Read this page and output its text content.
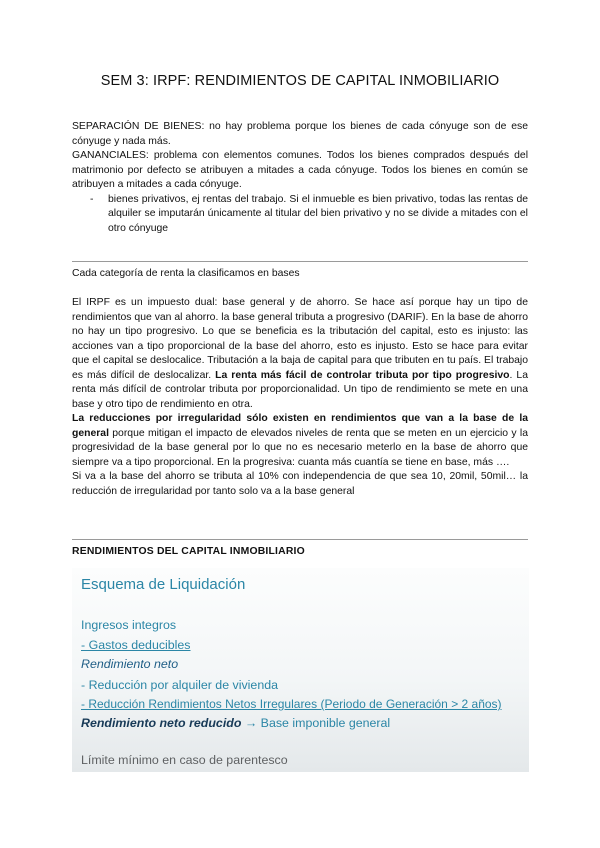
SEM 3: IRPF: RENDIMIENTOS DE CAPITAL INMOBILIARIO

SEPARACIÓN DE BIENES: no hay problema porque los bienes de cada cónyuge son de ese cónyuge y nada más.

GANANCIALES: problema con elementos comunes. Todos los bienes comprados después del matrimonio por defecto se atribuyen a mitades a cada cónyuge. Todos los bienes en común se atribuyen a mitades a cada cónyuge.

- bienes privativos, ej rentas del trabajo. Si el inmueble es bien privativo, todas las rentas de alquiler se imputarán únicamente al titular del bien privativo y no se divide a mitades con el otro cónyuge

Cada categoría de renta la clasificamos en bases

El IRPF es un impuesto dual: base general y de ahorro. Se hace así porque hay un tipo de rendimientos que van al ahorro. la base general tributa a progresivo (DARIF). En la base de ahorro no hay un tipo progresivo. Lo que se beneficia es la tributación del capital, esto es injusto: las acciones van a tipo proporcional de la base del ahorro, esto es injusto. Esto se hace para evitar que el capital se deslocalice. Tributación a la baja de capital para que tributen en tu país. El trabajo es más difícil de deslocalizar. La renta más fácil de controlar tributa por tipo progresivo. La renta más difícil de controlar tributa por proporcionalidad. Un tipo de rendimiento se mete en una base y otro tipo de rendimiento en otra.

La reducciones por irregularidad sólo existen en rendimientos que van a la base de la general porque mitigan el impacto de elevados niveles de renta que se meten en un ejercicio y la progresividad de la base general por lo que no es necesario meterlo en la base de ahorro que siempre va a tipo proporcional. En la progresiva: cuanta más cuantía se tiene en base, más ….

Si va a la base del ahorro se tributa al 10% con independencia de que sea 10, 20mil, 50mil… la reducción de irregularidad por tanto solo va a la base general

RENDIMIENTOS DEL CAPITAL INMOBILIARIO
Esquema de Liquidación
Ingresos integros
- Gastos deducibles
Rendimiento neto
- Reducción por alquiler de vivienda
- Reducción Rendimientos Netos Irregulares (Periodo de Generación > 2 años)
Rendimiento neto reducido → Base imponible general
Límite mínimo en caso de parentesco
